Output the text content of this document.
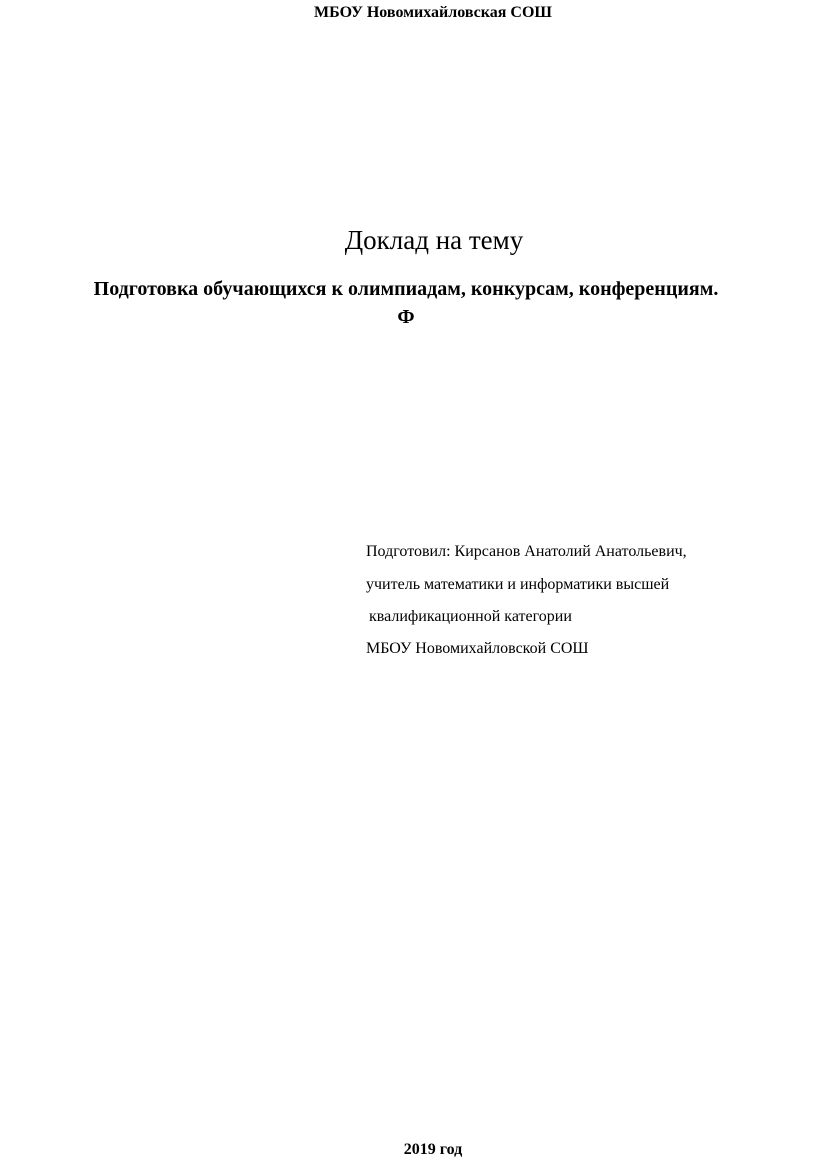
МБОУ Новомихайловская СОШ
Доклад на тему
Подготовка обучающихся к олимпиадам, конкурсам, конференциям.
Ф
Подготовил: Кирсанов Анатолий Анатольевич,
учитель математики и информатики высшей
квалификационной категории
МБОУ Новомихайловской СОШ
2019 год
